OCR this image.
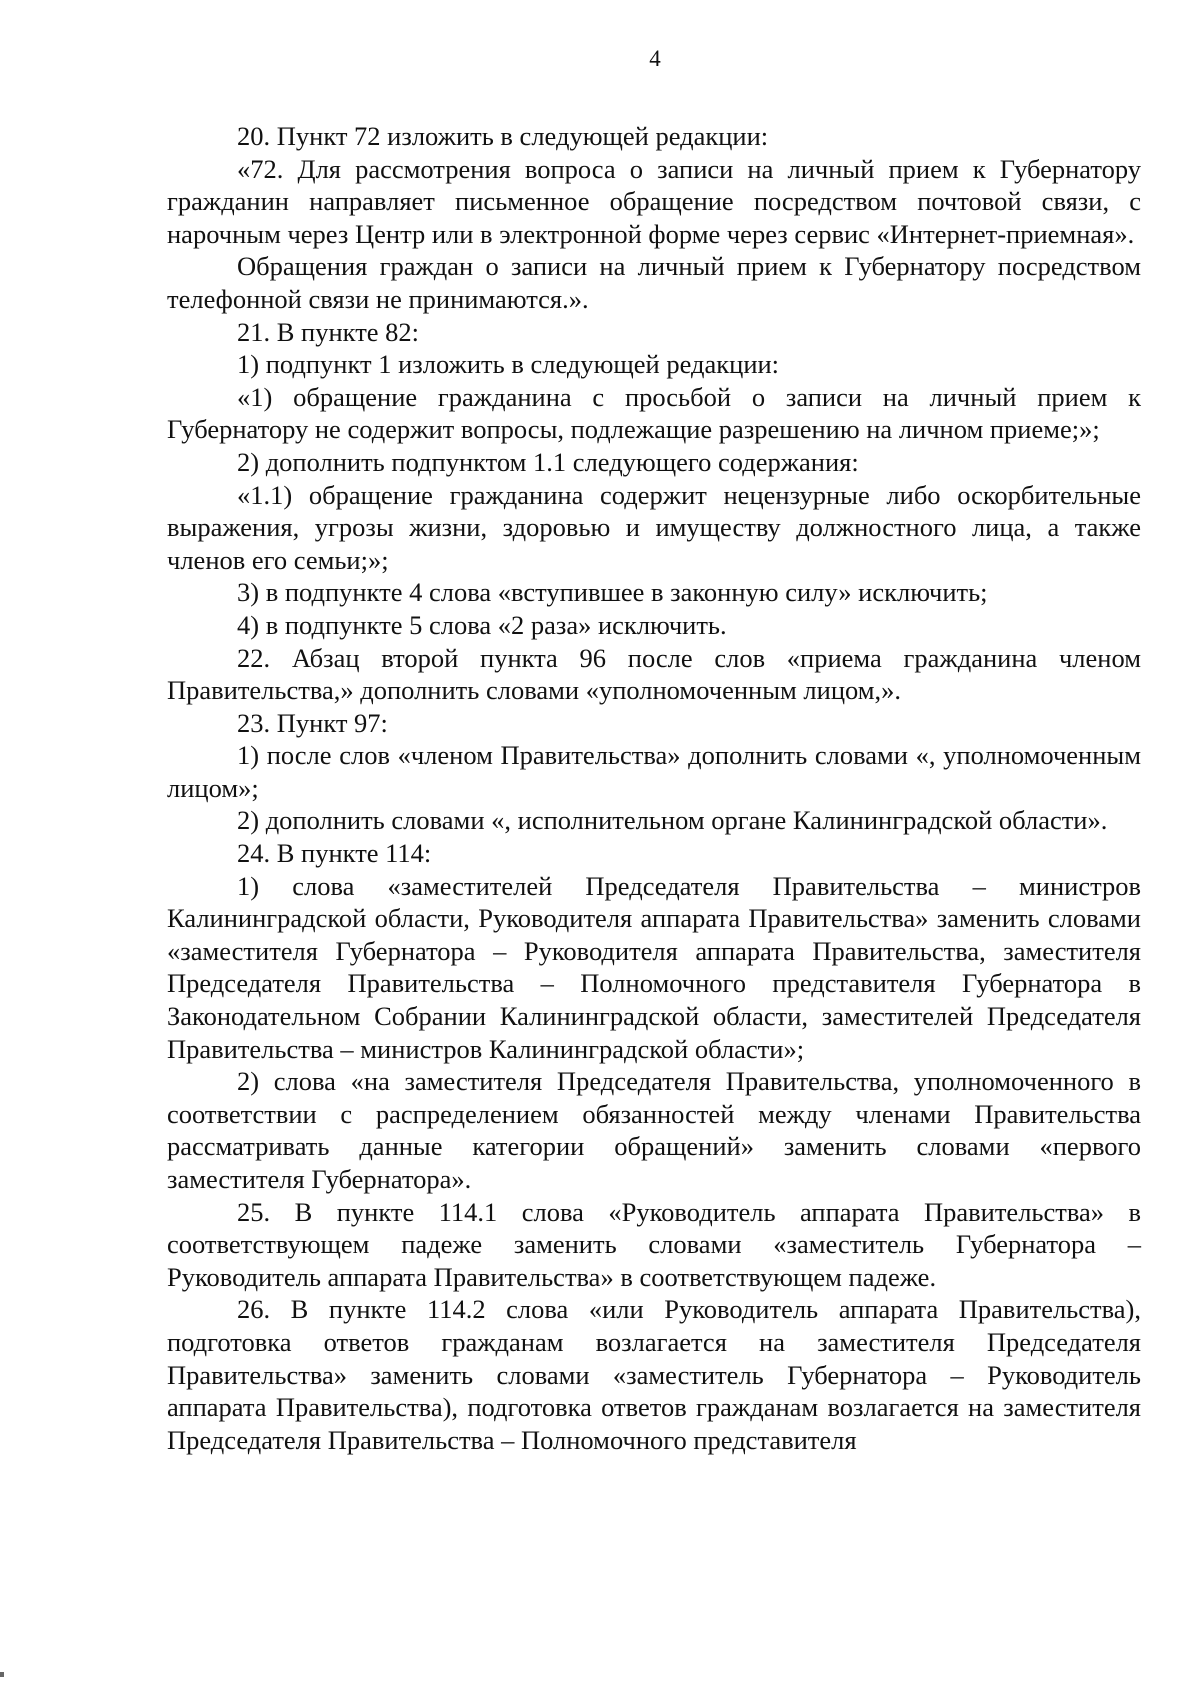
4

20. Пункт 72 изложить в следующей редакции:

«72. Для рассмотрения вопроса о записи на личный прием к Губернатору гражданин направляет письменное обращение посредством почтовой связи, с нарочным через Центр или в электронной форме через сервис «Интернет-приемная».

Обращения граждан о записи на личный прием к Губернатору посредством телефонной связи не принимаются.».

21. В пункте 82:

1) подпункт 1 изложить в следующей редакции:

«1) обращение гражданина с просьбой о записи на личный прием к Губернатору не содержит вопросы, подлежащие разрешению на личном приеме;»;

2) дополнить подпунктом 1.1 следующего содержания:

«1.1) обращение гражданина содержит нецензурные либо оскорбительные выражения, угрозы жизни, здоровью и имуществу должностного лица, а также членов его семьи;»;

3) в подпункте 4 слова «вступившее в законную силу» исключить;

4) в подпункте 5 слова «2 раза» исключить.

22. Абзац второй пункта 96 после слов «приема гражданина членом Правительства,» дополнить словами «уполномоченным лицом,».

23. Пункт 97:

1) после слов «членом Правительства» дополнить словами «, уполномоченным лицом»;

2) дополнить словами «, исполнительном органе Калининградской области».

24. В пункте 114:

1) слова «заместителей Председателя Правительства – министров Калининградской области, Руководителя аппарата Правительства» заменить словами «заместителя Губернатора – Руководителя аппарата Правительства, заместителя Председателя Правительства – Полномочного представителя Губернатора в Законодательном Собрании Калининградской области, заместителей Председателя Правительства – министров Калининградской области»;

2) слова «на заместителя Председателя Правительства, уполномоченного в соответствии с распределением обязанностей между членами Правительства рассматривать данные категории обращений» заменить словами «первого заместителя Губернатора».

25. В пункте 114.1 слова «Руководитель аппарата Правительства» в соответствующем падеже заменить словами «заместитель Губернатора – Руководитель аппарата Правительства» в соответствующем падеже.

26. В пункте 114.2 слова «или Руководитель аппарата Правительства), подготовка ответов гражданам возлагается на заместителя Председателя Правительства» заменить словами «заместитель Губернатора – Руководитель аппарата Правительства), подготовка ответов гражданам возлагается на заместителя Председателя Правительства – Полномочного представителя
